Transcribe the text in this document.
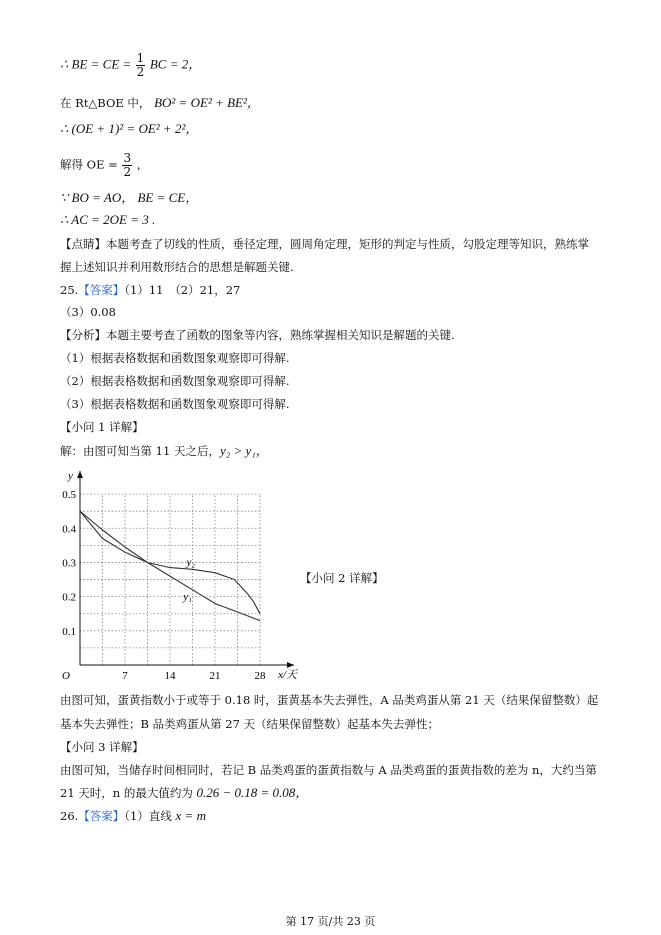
∴ BE = CE = $\frac{1}{2}$ BC = 2，
在 Rt△BOE 中， BO² = OE² + BE²，
∴ (OE + 1)² = OE² + 2²，
解得 OE = $\frac{3}{2}$ ，
∵ BO = AO， BE = CE，
∴ AC = 2OE = 3 .
【点睛】本题考查了切线的性质，垂径定理，圆周角定理，矩形的判定与性质，勾股定理等知识，熟练掌
握上述知识并利用数形结合的思想是解题关键.
25.【答案】（1）11　（2）21，27
（3）0.08
【分析】本题主要考查了函数的图象等内容，熟练掌握相关知识是解题的关键.
（1）根据表格数据和函数图象观察即可得解.
（2）根据表格数据和函数图象观察即可得解.
（3）根据表格数据和函数图象观察即可得解.
【小问 1 详解】
解：由图可知当第 11 天之后，y₂ > y₁，
7	14	21	28
0.1
0.2
0.3
0.4
0.5
O	x/天
y
y₁
y₂
【小问 2 详解】
由图可知，蛋黄指数小于或等于 0.18 时，蛋黄基本失去弹性，A 品类鸡蛋从第 21 天（结果保留整数）起
基本失去弹性；B 品类鸡蛋从第 27 天（结果保留整数）起基本失去弹性；
【小问 3 详解】
由图可知，当储存时间相同时，若记 B 品类鸡蛋的蛋黄指数与 A 品类鸡蛋的蛋黄指数的差为 n，大约当第
21 天时，n 的最大值约为 0.26 − 0.18 = 0.08，
26.【答案】（1）直线 x = m
第 17 页/共 23 页
